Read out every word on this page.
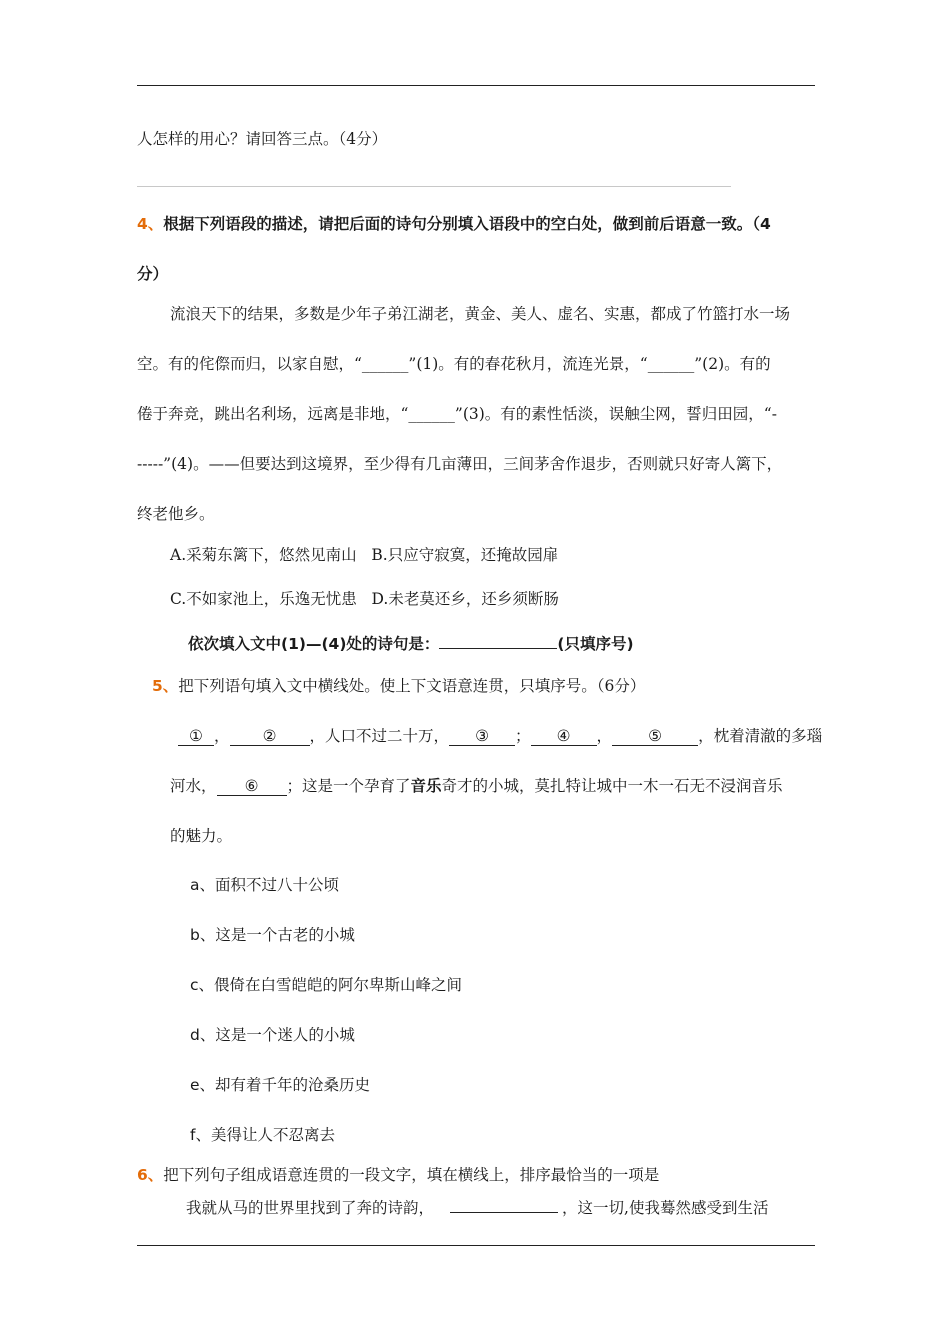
人怎样的用心？请回答三点。（4分）
4、根据下列语段的描述，请把后面的诗句分别填入语段中的空白处，做到前后语意一致。（4
分）
流浪天下的结果，多数是少年子弟江湖老，黄金、美人、虚名、实惠，都成了竹篮打水一场
空。有的侘傺而归，以家自慰，“______”(1)。有的春花秋月，流连光景，“______”(2)。有的
倦于奔竞，跳出名利场，远离是非地，“______”(3)。有的素性恬淡，误触尘网，誓归田园，“-
-----”(4)。——但要达到这境界，至少得有几亩薄田，三间茅舍作退步，否则就只好寄人篱下，
终老他乡。
A.采菊东篱下，悠然见南山   B.只应守寂寞，还掩故园扉
C.不如家池上，乐逸无忧患   D.未老莫还乡，还乡须断肠
依次填入文中(1)—(4)处的诗句是：	(只填序号)
5、把下列语句填入文中横线处。使上下文语意连贯，只填序号。（6分）
① ， ② ，人口不过二十万， ③ ； ④ ， ⑤ ，枕着清澈的多瑙
河水， ⑥ ；这是一个孕育了音乐奇才的小城，莫扎特让城中一木一石无不浸润音乐
的魅力。
a、面积不过八十公顷
b、这是一个古老的小城
c、偎倚在白雪皑皑的阿尔卑斯山峰之间
d、这是一个迷人的小城
e、却有着千年的沧桑历史
f、美得让人不忍离去
6、把下列句子组成语意连贯的一段文字，填在横线上，排序最恰当的一项是
我就从马的世界里找到了奔的诗韵，	，这一切,使我蓦然感受到生活
